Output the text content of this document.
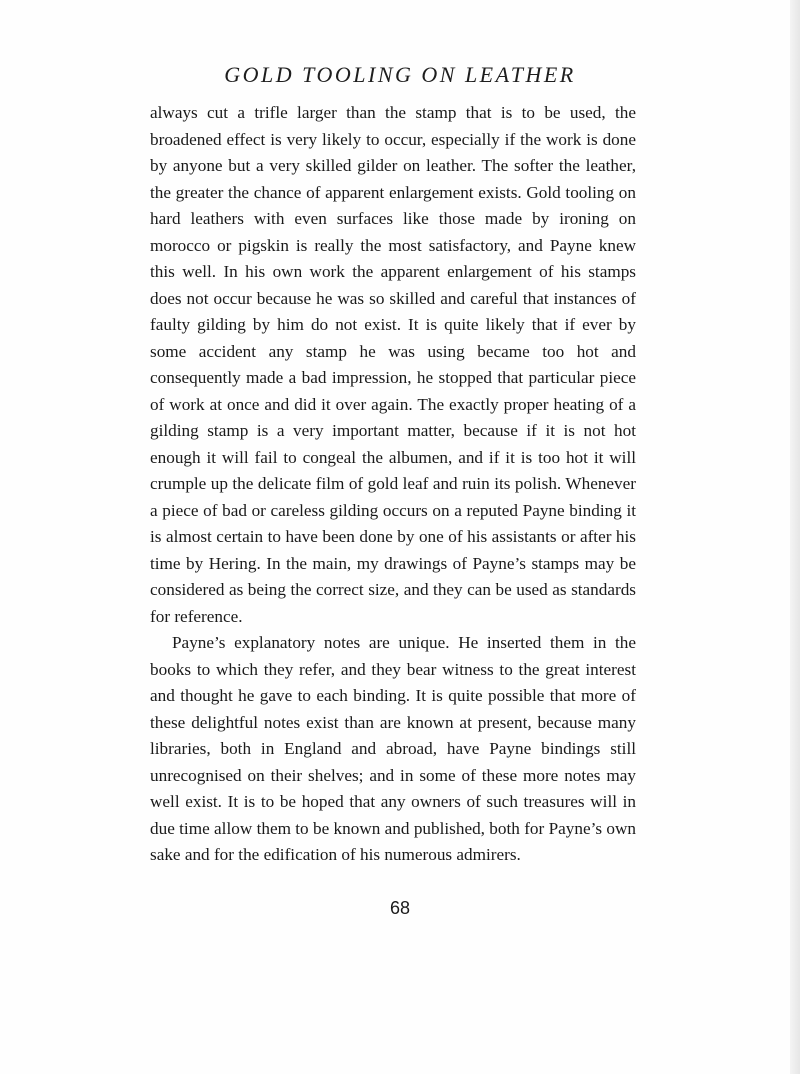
GOLD TOOLING ON LEATHER

always cut a trifle larger than the stamp that is to be used, the broadened effect is very likely to occur, especially if the work is done by anyone but a very skilled gilder on leather. The softer the leather, the greater the chance of apparent enlargement exists. Gold tooling on hard leathers with even surfaces like those made by ironing on morocco or pigskin is really the most satisfactory, and Payne knew this well. In his own work the apparent enlargement of his stamps does not occur because he was so skilled and careful that instances of faulty gilding by him do not exist. It is quite likely that if ever by some accident any stamp he was using became too hot and consequently made a bad impression, he stopped that particular piece of work at once and did it over again. The exactly proper heating of a gilding stamp is a very important matter, because if it is not hot enough it will fail to congeal the albumen, and if it is too hot it will crumple up the delicate film of gold leaf and ruin its polish. Whenever a piece of bad or careless gilding occurs on a reputed Payne binding it is almost certain to have been done by one of his assistants or after his time by Hering. In the main, my drawings of Payne’s stamps may be considered as being the correct size, and they can be used as standards for reference.

Payne’s explanatory notes are unique. He inserted them in the books to which they refer, and they bear witness to the great interest and thought he gave to each binding. It is quite possible that more of these delightful notes exist than are known at present, because many libraries, both in England and abroad, have Payne bindings still unrecognised on their shelves; and in some of these more notes may well exist. It is to be hoped that any owners of such treasures will in due time allow them to be known and published, both for Payne’s own sake and for the edification of his numerous admirers.

68
